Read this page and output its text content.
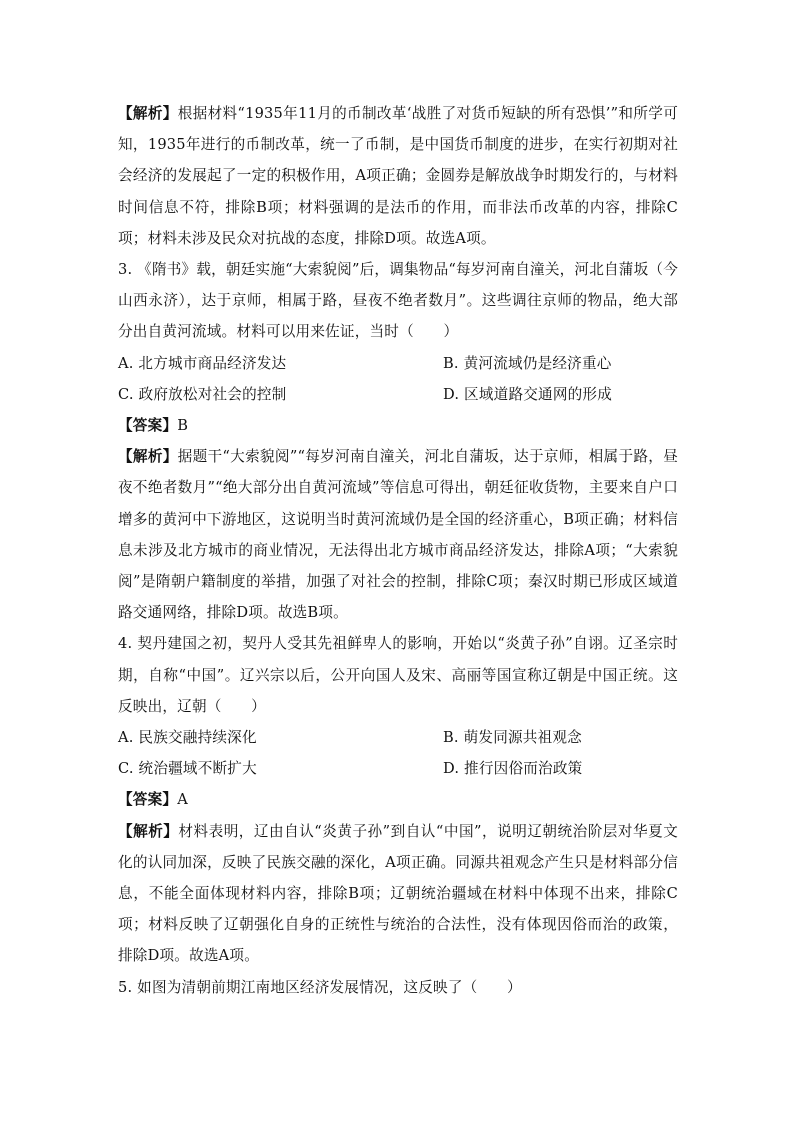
【解析】根据材料“1935年11月的币制改革‘战胜了对货币短缺的所有恐惧’”和所学可知，1935年进行的币制改革，统一了币制，是中国货币制度的进步，在实行初期对社会经济的发展起了一定的积极作用，A项正确；金圆券是解放战争时期发行的，与材料时间信息不符，排除B项；材料强调的是法币的作用，而非法币改革的内容，排除C项；材料未涉及民众对抗战的态度，排除D项。故选A项。

3. 《隋书》载，朝廷实施“大索貌阅”后，调集物品“每岁河南自潼关，河北自蒲坂（今山西永济），达于京师，相属于路，昼夜不绝者数月”。这些调往京师的物品，绝大部分出自黄河流域。材料可以用来佐证，当时（　　）

A. 北方城市商品经济发达	B. 黄河流域仍是经济重心
C. 政府放松对社会的控制	D. 区域道路交通网的形成

【答案】B

【解析】据题干“大索貌阅”“每岁河南自潼关，河北自蒲坂，达于京师，相属于路，昼夜不绝者数月”“绝大部分出自黄河流域”等信息可得出，朝廷征收货物，主要来自户口增多的黄河中下游地区，这说明当时黄河流域仍是全国的经济重心，B项正确；材料信息未涉及北方城市的商业情况，无法得出北方城市商品经济发达，排除A项；“大索貌阅”是隋朝户籍制度的举措，加强了对社会的控制，排除C项；秦汉时期已形成区域道路交通网络，排除D项。故选B项。

4. 契丹建国之初，契丹人受其先祖鲜卑人的影响，开始以“炎黄子孙”自诩。辽圣宗时期，自称“中国”。辽兴宗以后，公开向国人及宋、高丽等国宣称辽朝是中国正统。这反映出，辽朝（　　）

A. 民族交融持续深化	B. 萌发同源共祖观念
C. 统治疆域不断扩大	D. 推行因俗而治政策

【答案】A

【解析】材料表明，辽由自认“炎黄子孙”到自认“中国”，说明辽朝统治阶层对华夏文化的认同加深，反映了民族交融的深化，A项正确。同源共祖观念产生只是材料部分信息，不能全面体现材料内容，排除B项；辽朝统治疆域在材料中体现不出来，排除C项；材料反映了辽朝强化自身的正统性与统治的合法性，没有体现因俗而治的政策，排除D项。故选A项。

5. 如图为清朝前期江南地区经济发展情况，这反映了（　　）
